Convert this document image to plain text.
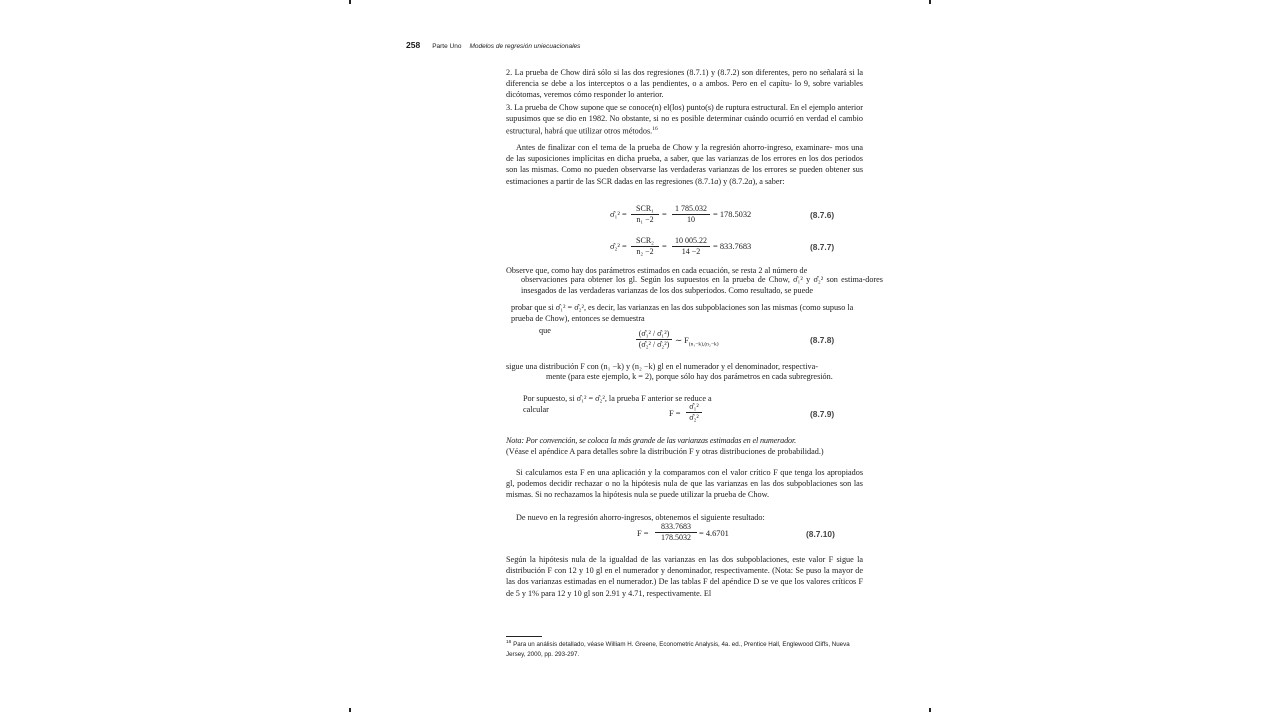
258 Parte Uno Modelos de regresión uniecuacionales

2. La prueba de Chow dirá sólo si las dos regresiones (8.7.1) y (8.7.2) son diferentes, pero no señalará si la diferencia se debe a los interceptos o a las pendientes, o a ambos. Pero en el capítu- lo 9, sobre variables dicótomas, veremos cómo responder lo anterior.

3. La prueba de Chow supone que se conoce(n) el(los) punto(s) de ruptura estructural. En el ejemplo anterior supusimos que se dio en 1982. No obstante, si no es posible determinar cuándo ocurrió en verdad el cambio estructural, habrá que utilizar otros métodos.$^{16}$

Antes de finalizar con el tema de la prueba de Chow y la regresión ahorro-ingreso, examinare- mos una de las suposiciones implícitas en dicha prueba, a saber, que las varianzas de los errores en los dos periodos son las mismas. Como no pueden observarse las verdaderas varianzas de los errores se pueden obtener sus estimaciones a partir de las SCR dadas en las regresiones (8.7.1a) y (8.7.2a), a saber:

σ̂₁² =
SCR₁
n₁ −2
= $\frac{1 785.032}{10} = 178.5032$	(8.7.6)
σ̂₂² =
SCR₂
n₂ −2
= $\frac{10 005.22}{14 -2} = 833.7683$	(8.7.7)

Observe que, como hay dos parámetros estimados en cada ecuación, se resta 2 al número de

observaciones para obtener los gl. Según los supuestos en la prueba de Chow, σ̂₁² y σ̂₂² son estima-dores insesgados de las verdaderas varianzas de los dos subperiodos. Como resultado, se puede

probar que si σ̂₁² = σ̂₂², es decir, las varianzas en las dos subpoblaciones son las mismas (como supuso la prueba de Chow), entonces se demuestra

que	$\frac{\text{(σ̂₁² / σ̂₁²)}}{\text{(σ̂₂² / σ̂₂²)}}$ ∼ $F_{(n_1-k),(n_2-k)}$	(8.7.8)

sigue una distribución F con (n₁ −k) y (n₂ −k) gl en el numerador y el denominador, respectiva-

mente (para este ejemplo, k = 2), porque sólo hay dos parámetros en cada subregresión.

Por supuesto, si σ̂₁² = σ̂₂², la prueba F anterior se reduce a

calcular	$F = \frac{\text{σ̂₁²}}{\text{σ̂₂²}}$	(8.7.9)

Nota: Por convención, se coloca la más grande de las varianzas estimadas en el numerador.

(Véase el apéndice A para detalles sobre la distribución F y otras distribuciones de probabilidad.)

Si calculamos esta F en una aplicación y la comparamos con el valor crítico F que tenga los apropiados gl, podemos decidir rechazar o no la hipótesis nula de que las varianzas en las dos subpoblaciones son las mismas. Si no rechazamos la hipótesis nula se puede utilizar la prueba de Chow.

De nuevo en la regresión ahorro-ingresos, obtenemos el siguiente resultado:

$F = \frac{833.7683}{178.5032} = 4.6701$	(8.7.10)

Según la hipótesis nula de la igualdad de las varianzas en las dos subpoblaciones, este valor F sigue la distribución F con 12 y 10 gl en el numerador y denominador, respectivamente. (Nota: Se puso la mayor de las dos varianzas estimadas en el numerador.) De las tablas F del apéndice D se ve que los valores críticos F de 5 y 1% para 12 y 10 gl son 2.91 y 4.71, respectivamente. El

$^{16}$ Para un análisis detallado, véase William H. Greene, Econometric Analysis, 4a. ed., Prentice Hall, Englewood Cliffs, Nueva Jersey, 2000, pp. 293-297.
